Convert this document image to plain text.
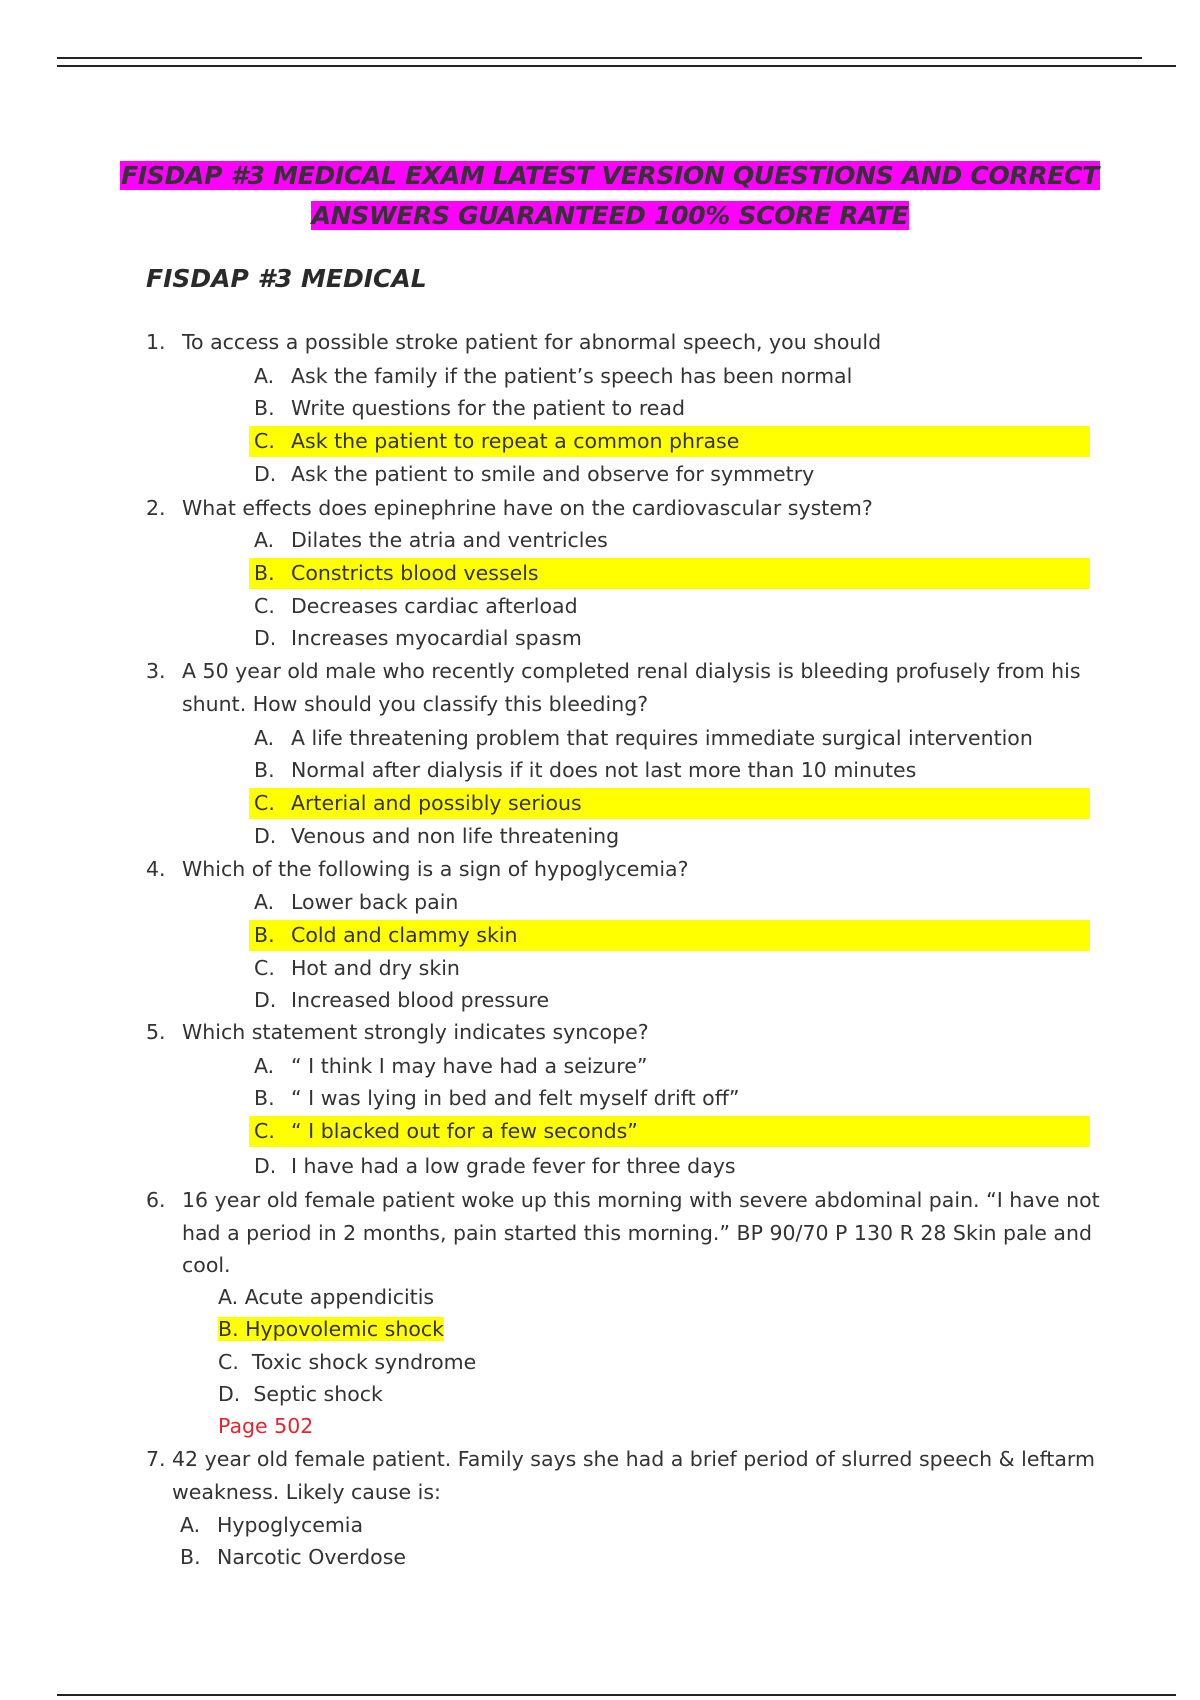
FISDAP #3 MEDICAL EXAM LATEST VERSION QUESTIONS AND CORRECT
ANSWERS GUARANTEED 100% SCORE RATE
FISDAP #3 MEDICAL
1. To access a possible stroke patient for abnormal speech, you should
A. Ask the family if the patient’s speech has been normal
B. Write questions for the patient to read
C. Ask the patient to repeat a common phrase
D. Ask the patient to smile and observe for symmetry
2. What effects does epinephrine have on the cardiovascular system?
A. Dilates the atria and ventricles
B. Constricts blood vessels
C. Decreases cardiac afterload
D. Increases myocardial spasm
3. A 50 year old male who recently completed renal dialysis is bleeding profusely from his
shunt. How should you classify this bleeding?
A. A life threatening problem that requires immediate surgical intervention
B. Normal after dialysis if it does not last more than 10 minutes
C. Arterial and possibly serious
D. Venous and non life threatening
4. Which of the following is a sign of hypoglycemia?
A. Lower back pain
B. Cold and clammy skin
C. Hot and dry skin
D. Increased blood pressure
5. Which statement strongly indicates syncope?
A. “ I think I may have had a seizure”
B. “ I was lying in bed and felt myself drift off”
C. “ I blacked out for a few seconds”
D. I have had a low grade fever for three days
6. 16 year old female patient woke up this morning with severe abdominal pain. “I have not
had a period in 2 months, pain started this morning.” BP 90/70 P 130 R 28 Skin pale and
cool.
A. Acute appendicitis
B. Hypovolemic shock
C. Toxic shock syndrome
D. Septic shock
Page 502
7. 42 year old female patient. Family says she had a brief period of slurred speech & leftarm
weakness. Likely cause is:
A. Hypoglycemia
B. Narcotic Overdose
